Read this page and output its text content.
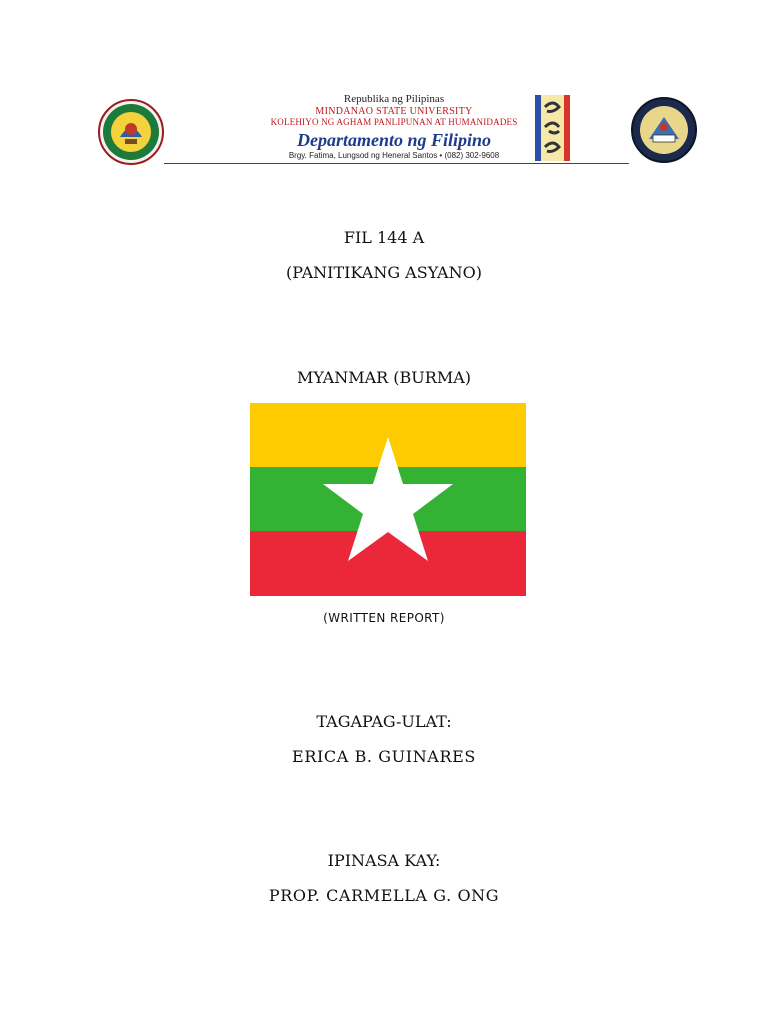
Republika ng Pilipinas
MINDANAO STATE UNIVERSITY
KOLEHIYO NG AGHAM PANLIPUNAN AT HUMANIDADES
Departamento ng Filipino
Brgy. Fatima, Lungsod ng Heneral Santos • (082) 302-9608
FIL 144 A
(PANITIKANG ASYANO)
MYANMAR (BURMA)
(WRITTEN REPORT)
TAGAPAG-ULAT:
ERICA B. GUINARES
IPINASA KAY:
PROP. CARMELLA G. ONG
